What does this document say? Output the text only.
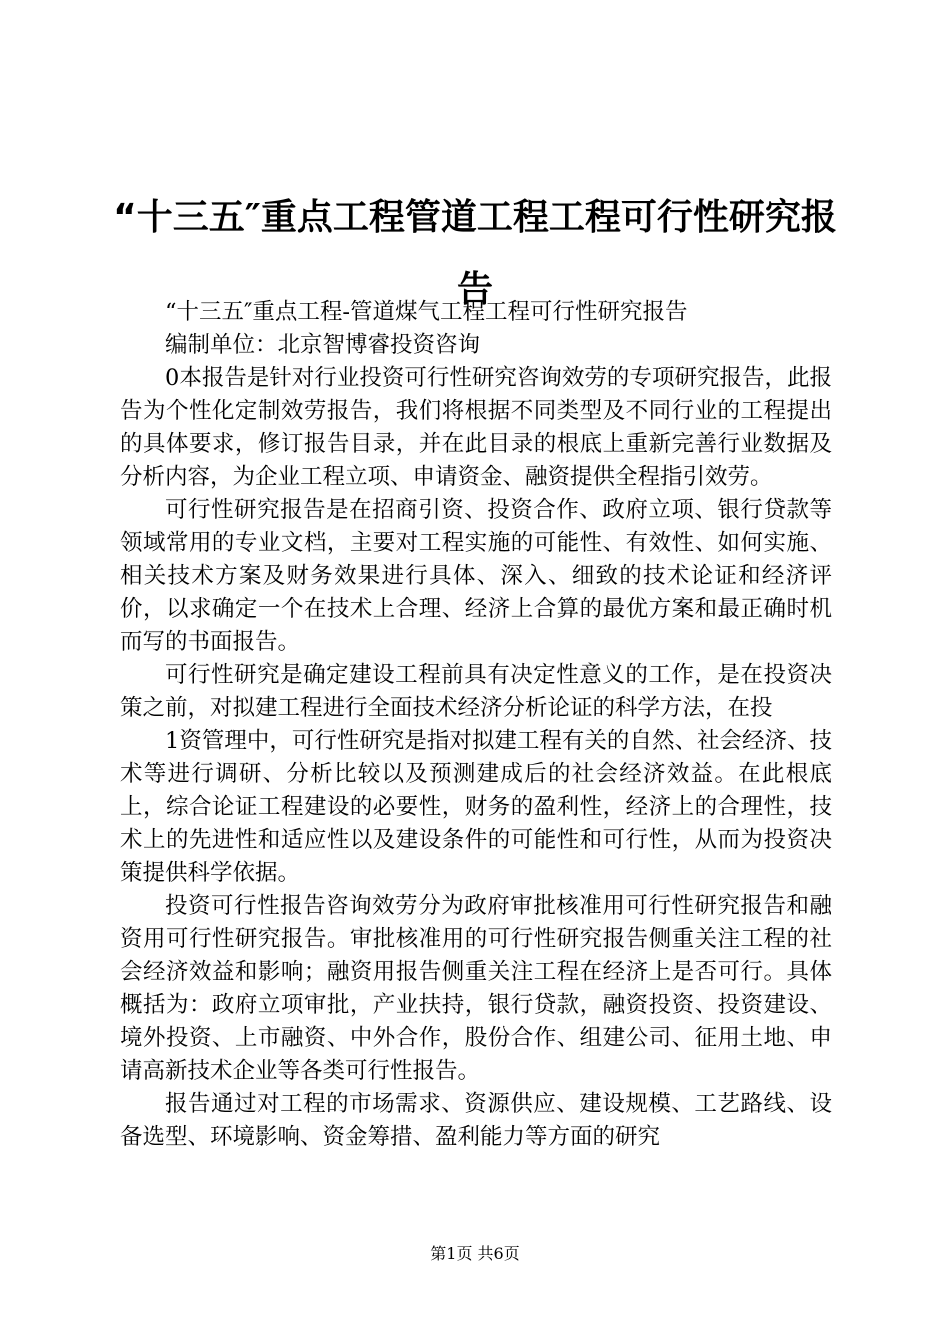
“十三五″重点工程管道工程工程可行性研究报告

“十三五″重点工程-管道煤气工程工程可行性研究报告

编制单位：北京智博睿投资咨询

0本报告是针对行业投资可行性研究咨询效劳的专项研究报告，此报告为个性化定制效劳报告，我们将根据不同类型及不同行业的工程提出的具体要求，修订报告目录，并在此目录的根底上重新完善行业数据及分析内容，为企业工程立项、申请资金、融资提供全程指引效劳。

可行性研究报告是在招商引资、投资合作、政府立项、银行贷款等领域常用的专业文档，主要对工程实施的可能性、有效性、如何实施、相关技术方案及财务效果进行具体、深入、细致的技术论证和经济评价，以求确定一个在技术上合理、经济上合算的最优方案和最正确时机而写的书面报告。

可行性研究是确定建设工程前具有决定性意义的工作，是在投资决策之前，对拟建工程进行全面技术经济分析论证的科学方法，在投

1资管理中，可行性研究是指对拟建工程有关的自然、社会经济、技术等进行调研、分析比较以及预测建成后的社会经济效益。在此根底上，综合论证工程建设的必要性，财务的盈利性，经济上的合理性，技术上的先进性和适应性以及建设条件的可能性和可行性，从而为投资决策提供科学依据。

投资可行性报告咨询效劳分为政府审批核准用可行性研究报告和融资用可行性研究报告。审批核准用的可行性研究报告侧重关注工程的社会经济效益和影响；融资用报告侧重关注工程在经济上是否可行。具体概括为：政府立项审批，产业扶持，银行贷款，融资投资、投资建设、境外投资、上市融资、中外合作，股份合作、组建公司、征用土地、申请高新技术企业等各类可行性报告。

报告通过对工程的市场需求、资源供应、建设规模、工艺路线、设备选型、环境影响、资金筹措、盈利能力等方面的研究

第1页 共6页
